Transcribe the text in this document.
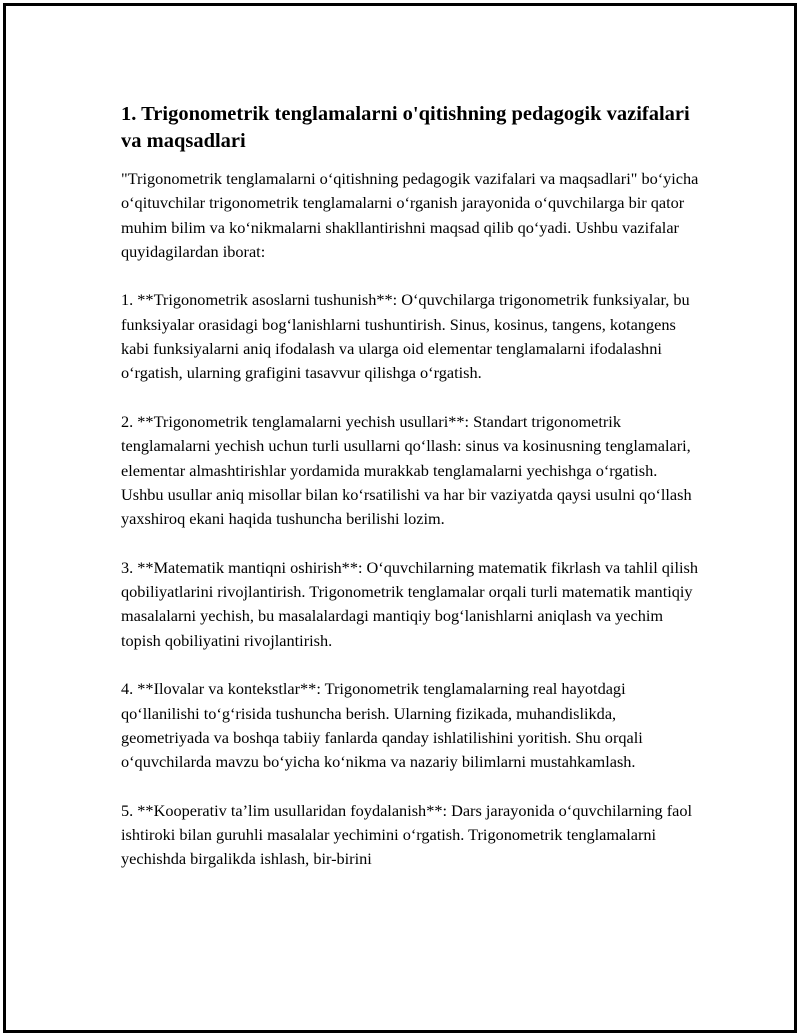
1. Trigonometrik tenglamalarni o'qitishning pedagogik vazifalari va maqsadlari

"Trigonometrik tenglamalarni o‘qitishning pedagogik vazifalari va maqsadlari" bo‘yicha o‘qituvchilar trigonometrik tenglamalarni o‘rganish jarayonida o‘quvchilarga bir qator muhim bilim va ko‘nikmalarni shakllantirishni maqsad qilib qo‘yadi. Ushbu vazifalar quyidagilardan iborat:

1. **Trigonometrik asoslarni tushunish**: O‘quvchilarga trigonometrik funksiyalar, bu funksiyalar orasidagi bog‘lanishlarni tushuntirish. Sinus, kosinus, tangens, kotangens kabi funksiyalarni aniq ifodalash va ularga oid elementar tenglamalarni ifodalashni o‘rgatish, ularning grafigini tasavvur qilishga o‘rgatish.

2. **Trigonometrik tenglamalarni yechish usullari**: Standart trigonometrik tenglamalarni yechish uchun turli usullarni qo‘llash: sinus va kosinusning tenglamalari, elementar almashtirishlar yordamida murakkab tenglamalarni yechishga o‘rgatish. Ushbu usullar aniq misollar bilan ko‘rsatilishi va har bir vaziyatda qaysi usulni qo‘llash yaxshiroq ekani haqida tushuncha berilishi lozim.

3. **Matematik mantiqni oshirish**: O‘quvchilarning matematik fikrlash va tahlil qilish qobiliyatlarini rivojlantirish. Trigonometrik tenglamalar orqali turli matematik mantiqiy masalalarni yechish, bu masalalardagi mantiqiy bog‘lanishlarni aniqlash va yechim topish qobiliyatini rivojlantirish.

4. **Ilovalar va kontekstlar**: Trigonometrik tenglamalarning real hayotdagi qo‘llanilishi to‘g‘risida tushuncha berish. Ularning fizikada, muhandislikda, geometriyada va boshqa tabiiy fanlarda qanday ishlatilishini yoritish. Shu orqali o‘quvchilarda mavzu bo‘yicha ko‘nikma va nazariy bilimlarni mustahkamlash.

5. **Kooperativ ta’lim usullaridan foydalanish**: Dars jarayonida o‘quvchilarning faol ishtiroki bilan guruhli masalalar yechimini o‘rgatish. Trigonometrik tenglamalarni yechishda birgalikda ishlash, bir-birini
